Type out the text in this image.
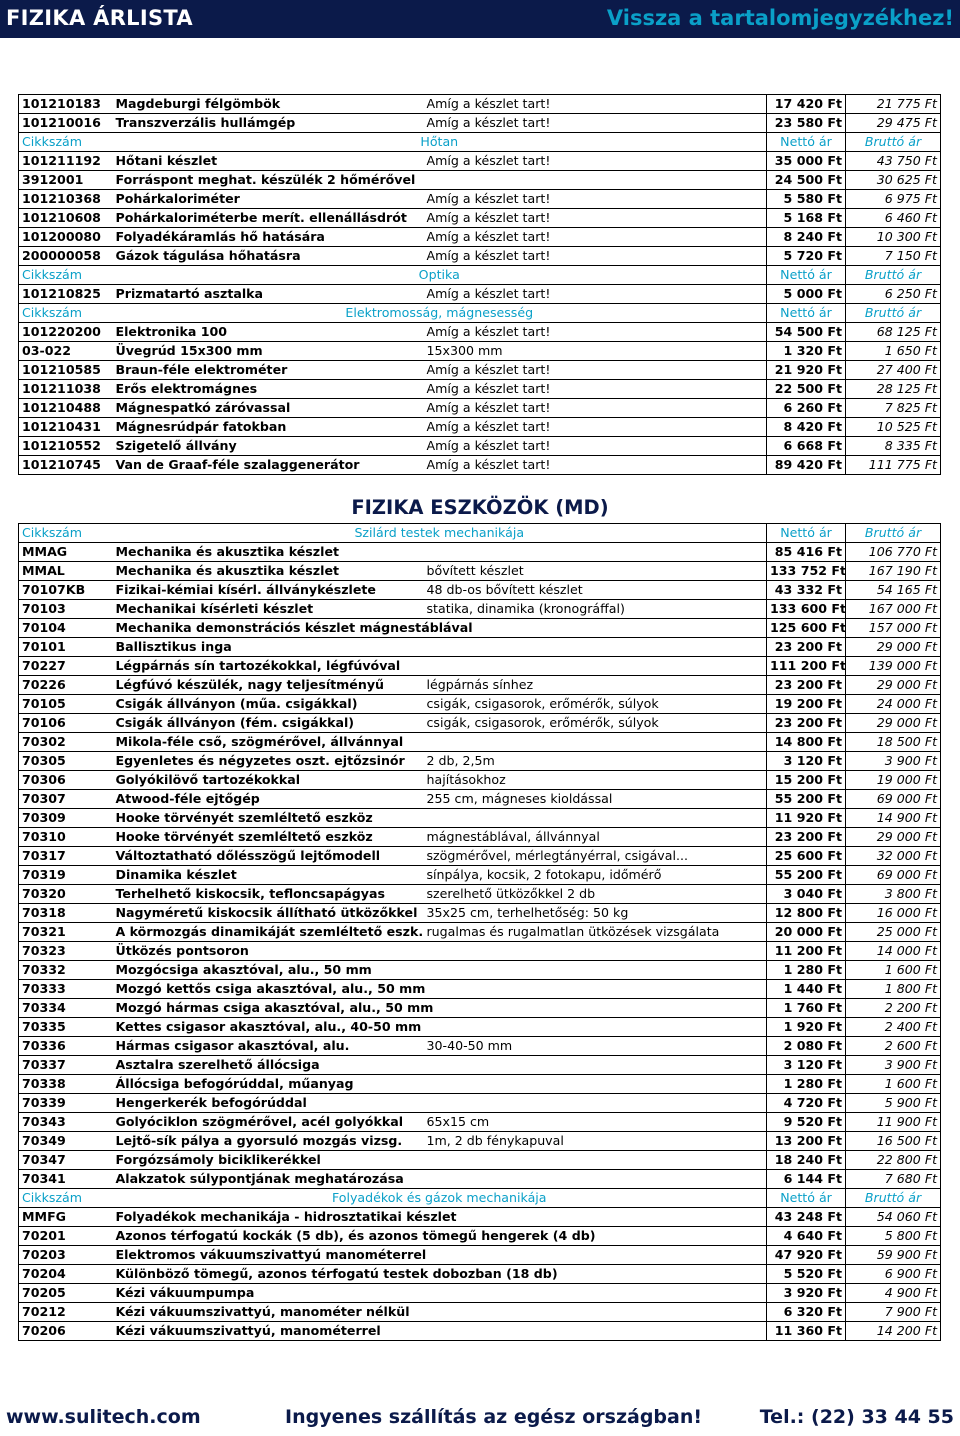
FIZIKA ÁRLISTA	Vissza a tartalomjegyzékhez!
101210183	Magdeburgi félgömbök	Amíg a készlet tart!	17 420 Ft	21 775 Ft
101210016	Transzverzális hullámgép	Amíg a készlet tart!	23 580 Ft	29 475 Ft
Cikkszám	Hőtan		Nettó ár	Bruttó ár
101211192	Hőtani készlet	Amíg a készlet tart!	35 000 Ft	43 750 Ft
3912001	Forráspont meghat. készülék 2 hőmérővel		24 500 Ft	30 625 Ft
101210368	Pohárkaloriméter	Amíg a készlet tart!	5 580 Ft	6 975 Ft
101210608	Pohárkaloriméterbe merít. ellenállásdrót	Amíg a készlet tart!	5 168 Ft	6 460 Ft
101200080	Folyadékáramlás hő hatására	Amíg a készlet tart!	8 240 Ft	10 300 Ft
200000058	Gázok tágulása hőhatásra	Amíg a készlet tart!	5 720 Ft	7 150 Ft
Cikkszám	Optika		Nettó ár	Bruttó ár
101210825	Prizmatartó asztalka	Amíg a készlet tart!	5 000 Ft	6 250 Ft
Cikkszám	Elektromosság, mágnesesség		Nettó ár	Bruttó ár
101220200	Elektronika 100	Amíg a készlet tart!	54 500 Ft	68 125 Ft
03-022	Üvegrúd 15x300 mm	15x300 mm	1 320 Ft	1 650 Ft
101210585	Braun-féle elektrométer	Amíg a készlet tart!	21 920 Ft	27 400 Ft
101211038	Erős elektromágnes	Amíg a készlet tart!	22 500 Ft	28 125 Ft
101210488	Mágnespatkó záróvassal	Amíg a készlet tart!	6 260 Ft	7 825 Ft
101210431	Mágnesrúdpár fatokban	Amíg a készlet tart!	8 420 Ft	10 525 Ft
101210552	Szigetelő állvány	Amíg a készlet tart!	6 668 Ft	8 335 Ft
101210745	Van de Graaf-féle szalaggenerátor	Amíg a készlet tart!	89 420 Ft	111 775 Ft
FIZIKA ESZKÖZÖK (MD)
Cikkszám	Szilárd testek mechanikája		Nettó ár	Bruttó ár
MMAG	Mechanika és akusztika készlet		85 416 Ft	106 770 Ft
MMAL	Mechanika és akusztika készlet	bővített készlet	133 752 Ft	167 190 Ft
70107KB	Fizikai-kémiai kísérl. állványkészlete	48 db-os bővített készlet	43 332 Ft	54 165 Ft
70103	Mechanikai kísérleti készlet	statika, dinamika (kronográffal)	133 600 Ft	167 000 Ft
70104	Mechanika demonstrációs készlet mágnestáblával		125 600 Ft	157 000 Ft
70101	Ballisztikus inga		23 200 Ft	29 000 Ft
70227	Légpárnás sín tartozékokkal, légfúvóval		111 200 Ft	139 000 Ft
70226	Légfúvó készülék, nagy teljesítményű	légpárnás sínhez	23 200 Ft	29 000 Ft
70105	Csigák állványon (műa. csigákkal)	csigák, csigasorok, erőmérők, súlyok	19 200 Ft	24 000 Ft
70106	Csigák állványon (fém. csigákkal)	csigák, csigasorok, erőmérők, súlyok	23 200 Ft	29 000 Ft
70302	Mikola-féle cső, szögmérővel, állvánnyal		14 800 Ft	18 500 Ft
70305	Egyenletes és négyzetes oszt. ejtőzsinór	2 db, 2,5m	3 120 Ft	3 900 Ft
70306	Golyókilövő tartozékokkal	hajításokhoz	15 200 Ft	19 000 Ft
70307	Atwood-féle ejtőgép	255 cm, mágneses kioldással	55 200 Ft	69 000 Ft
70309	Hooke törvényét szemléltető eszköz		11 920 Ft	14 900 Ft
70310	Hooke törvényét szemléltető eszköz	mágnestáblával, állvánnyal	23 200 Ft	29 000 Ft
70317	Változtatható dőlésszögű lejtőmodell	szögmérővel, mérlegtányérral, csigával...	25 600 Ft	32 000 Ft
70319	Dinamika készlet	sínpálya, kocsik, 2 fotokapu, időmérő	55 200 Ft	69 000 Ft
70320	Terhelhető kiskocsik, tefloncsapágyas	szerelhető ütközőkkel 2 db	3 040 Ft	3 800 Ft
70318	Nagyméretű kiskocsik állítható ütközőkkel	35x25 cm, terhelhetőség: 50 kg	12 800 Ft	16 000 Ft
70321	A körmozgás dinamikáját szemléltető eszk.	rugalmas és rugalmatlan ütközések vizsgálata	20 000 Ft	25 000 Ft
70323	Ütközés pontsoron		11 200 Ft	14 000 Ft
70332	Mozgócsiga akasztóval, alu., 50 mm		1 280 Ft	1 600 Ft
70333	Mozgó kettős csiga akasztóval, alu., 50 mm		1 440 Ft	1 800 Ft
70334	Mozgó hármas csiga akasztóval, alu., 50 mm		1 760 Ft	2 200 Ft
70335	Kettes csigasor akasztóval, alu., 40-50 mm		1 920 Ft	2 400 Ft
70336	Hármas csigasor akasztóval, alu.	30-40-50 mm	2 080 Ft	2 600 Ft
70337	Asztalra szerelhető állócsiga		3 120 Ft	3 900 Ft
70338	Állócsiga befogórúddal, műanyag		1 280 Ft	1 600 Ft
70339	Hengerkerék befogórúddal		4 720 Ft	5 900 Ft
70343	Golyóciklon szögmérővel, acél golyókkal	65x15 cm	9 520 Ft	11 900 Ft
70349	Lejtő-sík pálya a gyorsuló mozgás vizsg.	1m, 2 db fénykapuval	13 200 Ft	16 500 Ft
70347	Forgózsámoly biciklikerékkel		18 240 Ft	22 800 Ft
70341	Alakzatok súlypontjának meghatározása		6 144 Ft	7 680 Ft
Cikkszám	Folyadékok és gázok mechanikája		Nettó ár	Bruttó ár
MMFG	Folyadékok mechanikája - hidrosztatikai készlet		43 248 Ft	54 060 Ft
70201	Azonos térfogatú kockák (5 db), és azonos tömegű hengerek (4 db)		4 640 Ft	5 800 Ft
70203	Elektromos vákuumszivattyú manométerrel		47 920 Ft	59 900 Ft
70204	Különböző tömegű, azonos térfogatú testek dobozban (18 db)		5 520 Ft	6 900 Ft
70205	Kézi vákuumpumpa		3 920 Ft	4 900 Ft
70212	Kézi vákuumszivattyú, manométer nélkül		6 320 Ft	7 900 Ft
70206	Kézi vákuumszivattyú, manométerrel		11 360 Ft	14 200 Ft
www.sulitech.com	Ingyenes szállítás az egész országban!	Tel.: (22) 33 44 55
